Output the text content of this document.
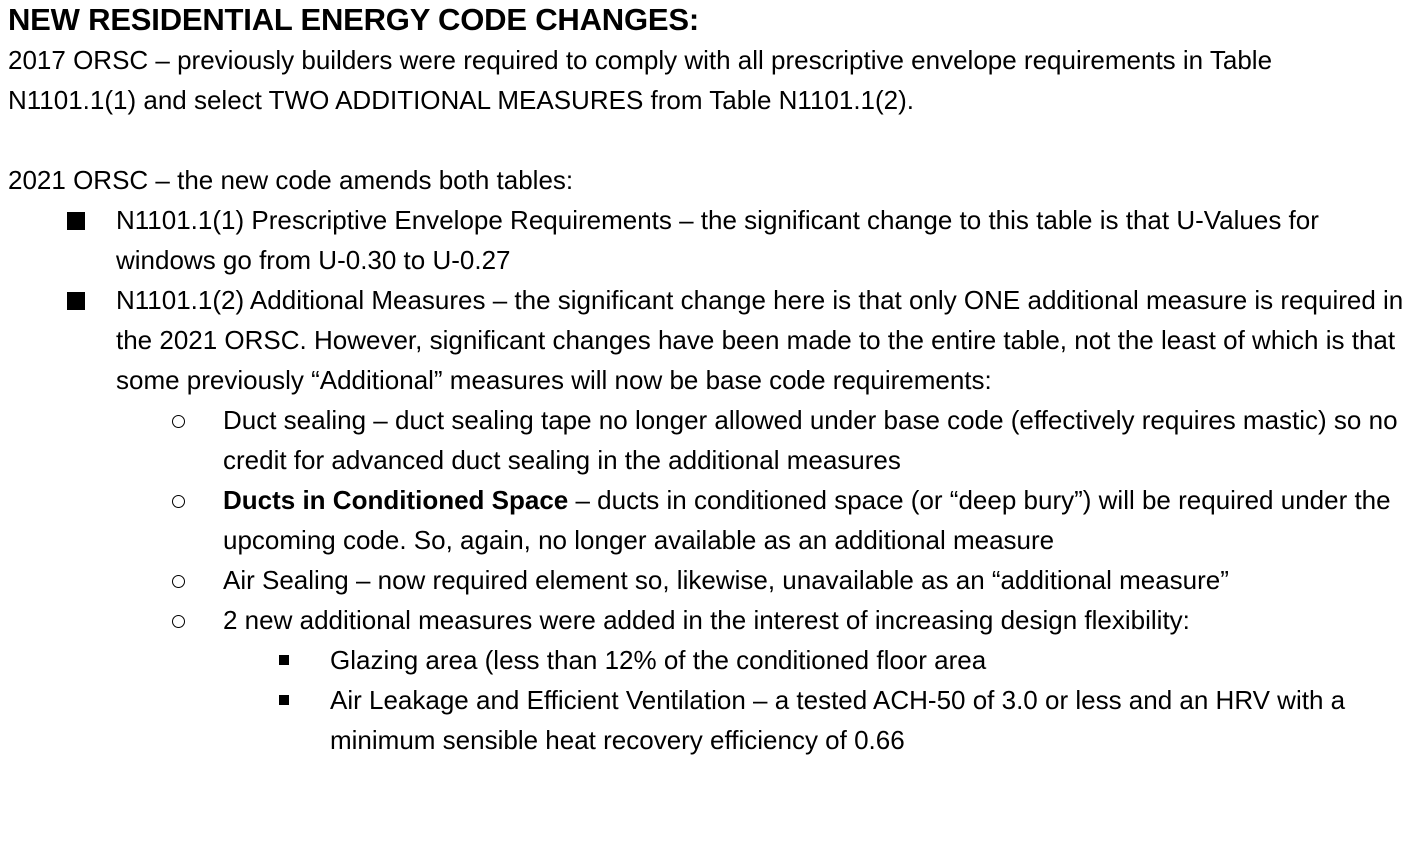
NEW RESIDENTIAL ENERGY CODE CHANGES:

2017 ORSC – previously builders were required to comply with all prescriptive envelope requirements in Table N1101.1(1) and select TWO ADDITIONAL MEASURES from Table N1101.1(2).

2021 ORSC – the new code amends both tables:

N1101.1(1) Prescriptive Envelope Requirements – the significant change to this table is that U-Values for windows go from U-0.30 to U-0.27
N1101.1(2) Additional Measures – the significant change here is that only ONE additional measure is required in the 2021 ORSC. However, significant changes have been made to the entire table, not the least of which is that some previously “Additional” measures will now be base code requirements:
Duct sealing – duct sealing tape no longer allowed under base code (effectively requires mastic) so no credit for advanced duct sealing in the additional measures
Ducts in Conditioned Space – ducts in conditioned space (or “deep bury”) will be required under the upcoming code. So, again, no longer available as an additional measure
Air Sealing – now required element so, likewise, unavailable as an “additional measure”
2 new additional measures were added in the interest of increasing design flexibility:
Glazing area (less than 12% of the conditioned floor area
Air Leakage and Efficient Ventilation – a tested ACH-50 of 3.0 or less and an HRV with a minimum sensible heat recovery efficiency of 0.66
